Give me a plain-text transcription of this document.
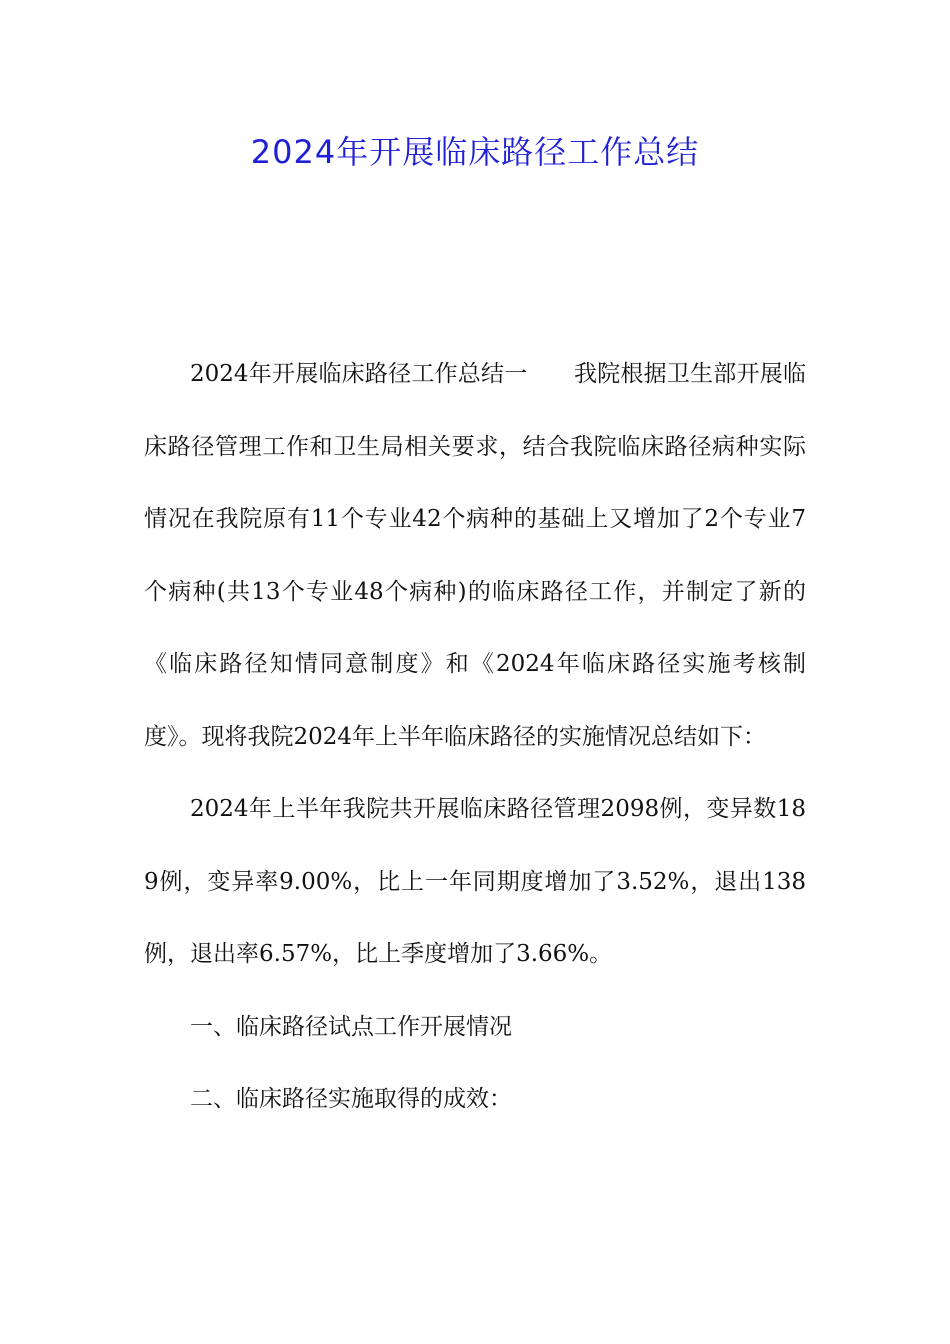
2024年开展临床路径工作总结

2024年开展临床路径工作总结一　　我院根据卫生部开展临床路径管理工作和卫生局相关要求，结合我院临床路径病种实际情况在我院原有11个专业42个病种的基础上又增加了2个专业7个病种(共13个专业48个病种)的临床路径工作，并制定了新的《临床路径知情同意制度》和《2024年临床路径实施考核制度》。现将我院2024年上半年临床路径的实施情况总结如下：

2024年上半年我院共开展临床路径管理2098例，变异数189例，变异率9.00%，比上一年同期度增加了3.52%，退出138例，退出率6.57%，比上季度增加了3.66%。

一、临床路径试点工作开展情况

二、临床路径实施取得的成效：
